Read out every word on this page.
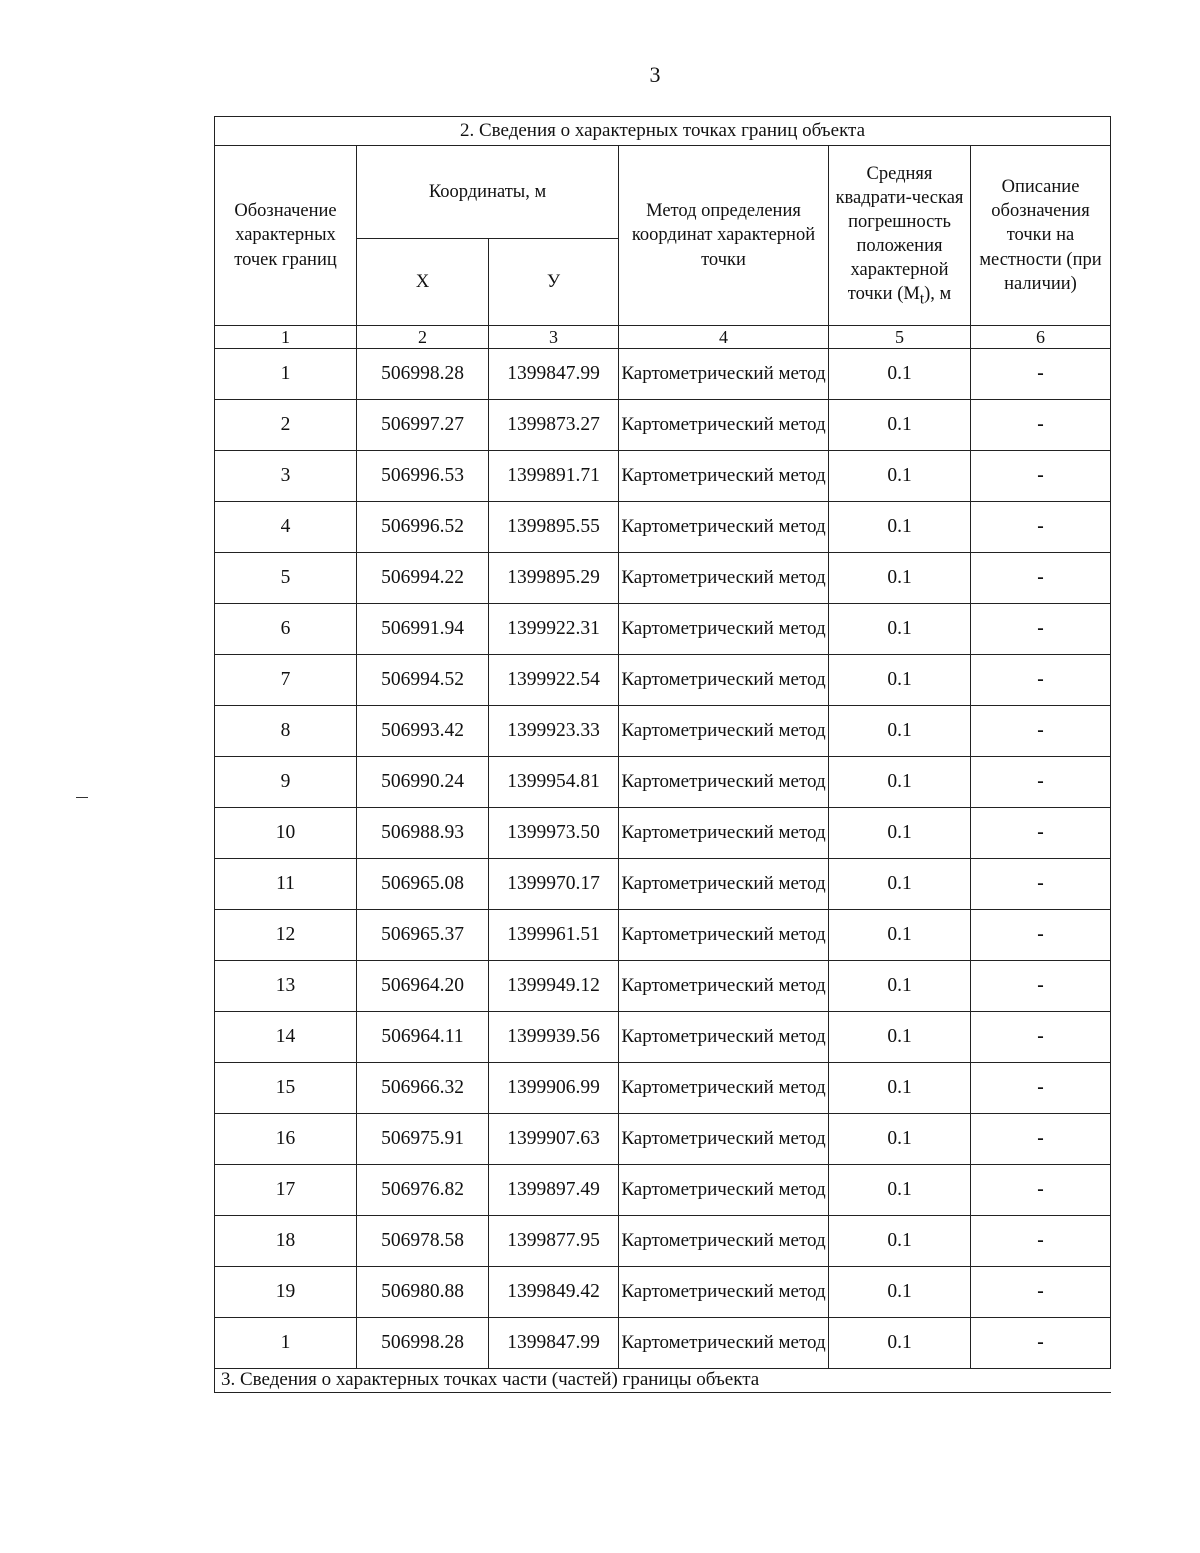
3
2. Сведения о характерных точках границ объекта					
Обозначение характерных точек границ	Координаты, м		Метод определения координат характерной точки	Средняя квадрати-ческая погрешность положения характерной точки $(M_t)$, м	Описание обозначения точки на местности (при наличии)
	X	У			
1	2	3	4	5	6
1	506998.28	1399847.99	Картометрический метод	0.1	-
2	506997.27	1399873.27	Картометрический метод	0.1	-
3	506996.53	1399891.71	Картометрический метод	0.1	-
4	506996.52	1399895.55	Картометрический метод	0.1	-
5	506994.22	1399895.29	Картометрический метод	0.1	-
6	506991.94	1399922.31	Картометрический метод	0.1	-
7	506994.52	1399922.54	Картометрический метод	0.1	-
8	506993.42	1399923.33	Картометрический метод	0.1	-
9	506990.24	1399954.81	Картометрический метод	0.1	-
10	506988.93	1399973.50	Картометрический метод	0.1	-
11	506965.08	1399970.17	Картометрический метод	0.1	-
12	506965.37	1399961.51	Картометрический метод	0.1	-
13	506964.20	1399949.12	Картометрический метод	0.1	-
14	506964.11	1399939.56	Картометрический метод	0.1	-
15	506966.32	1399906.99	Картометрический метод	0.1	-
16	506975.91	1399907.63	Картометрический метод	0.1	-
17	506976.82	1399897.49	Картометрический метод	0.1	-
18	506978.58	1399877.95	Картометрический метод	0.1	-
19	506980.88	1399849.42	Картометрический метод	0.1	-
1	506998.28	1399847.99	Картометрический метод	0.1	-
3. Сведения о характерных точках части (частей) границы объекта					
